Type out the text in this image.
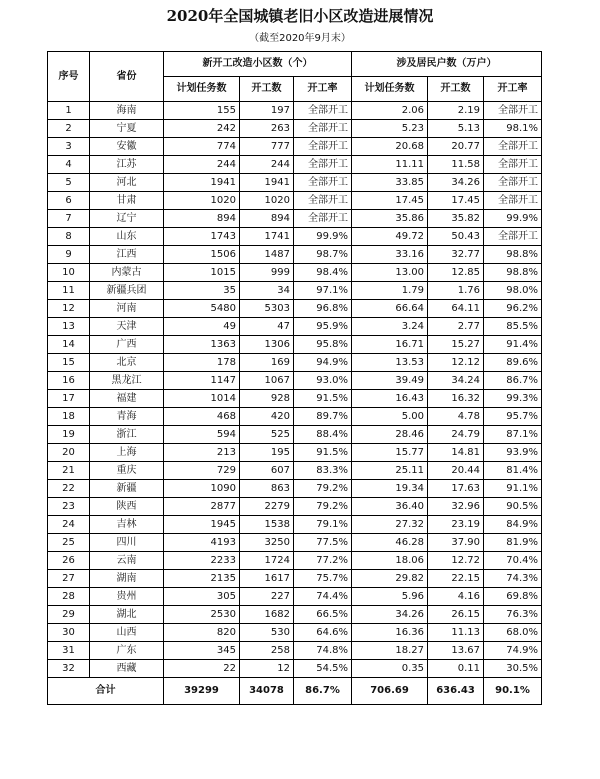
2020年全国城镇老旧小区改造进展情况
（截至2020年9月末）
序号	省份	新开工改造小区数（个）			涉及居民户数（万户）		
		计划任务数	开工数	开工率	计划任务数	开工数	开工率
1	海南	155	197	全部开工	2.06	2.19	全部开工
2	宁夏	242	263	全部开工	5.23	5.13	98.1%
3	安徽	774	777	全部开工	20.68	20.77	全部开工
4	江苏	244	244	全部开工	11.11	11.58	全部开工
5	河北	1941	1941	全部开工	33.85	34.26	全部开工
6	甘肃	1020	1020	全部开工	17.45	17.45	全部开工
7	辽宁	894	894	全部开工	35.86	35.82	99.9%
8	山东	1743	1741	99.9%	49.72	50.43	全部开工
9	江西	1506	1487	98.7%	33.16	32.77	98.8%
10	内蒙古	1015	999	98.4%	13.00	12.85	98.8%
11	新疆兵团	35	34	97.1%	1.79	1.76	98.0%
12	河南	5480	5303	96.8%	66.64	64.11	96.2%
13	天津	49	47	95.9%	3.24	2.77	85.5%
14	广西	1363	1306	95.8%	16.71	15.27	91.4%
15	北京	178	169	94.9%	13.53	12.12	89.6%
16	黑龙江	1147	1067	93.0%	39.49	34.24	86.7%
17	福建	1014	928	91.5%	16.43	16.32	99.3%
18	青海	468	420	89.7%	5.00	4.78	95.7%
19	浙江	594	525	88.4%	28.46	24.79	87.1%
20	上海	213	195	91.5%	15.77	14.81	93.9%
21	重庆	729	607	83.3%	25.11	20.44	81.4%
22	新疆	1090	863	79.2%	19.34	17.63	91.1%
23	陕西	2877	2279	79.2%	36.40	32.96	90.5%
24	吉林	1945	1538	79.1%	27.32	23.19	84.9%
25	四川	4193	3250	77.5%	46.28	37.90	81.9%
26	云南	2233	1724	77.2%	18.06	12.72	70.4%
27	湖南	2135	1617	75.7%	29.82	22.15	74.3%
28	贵州	305	227	74.4%	5.96	4.16	69.8%
29	湖北	2530	1682	66.5%	34.26	26.15	76.3%
30	山西	820	530	64.6%	16.36	11.13	68.0%
31	广东	345	258	74.8%	18.27	13.67	74.9%
32	西藏	22	12	54.5%	0.35	0.11	30.5%
合计		39299	34078	86.7%	706.69	636.43	90.1%
